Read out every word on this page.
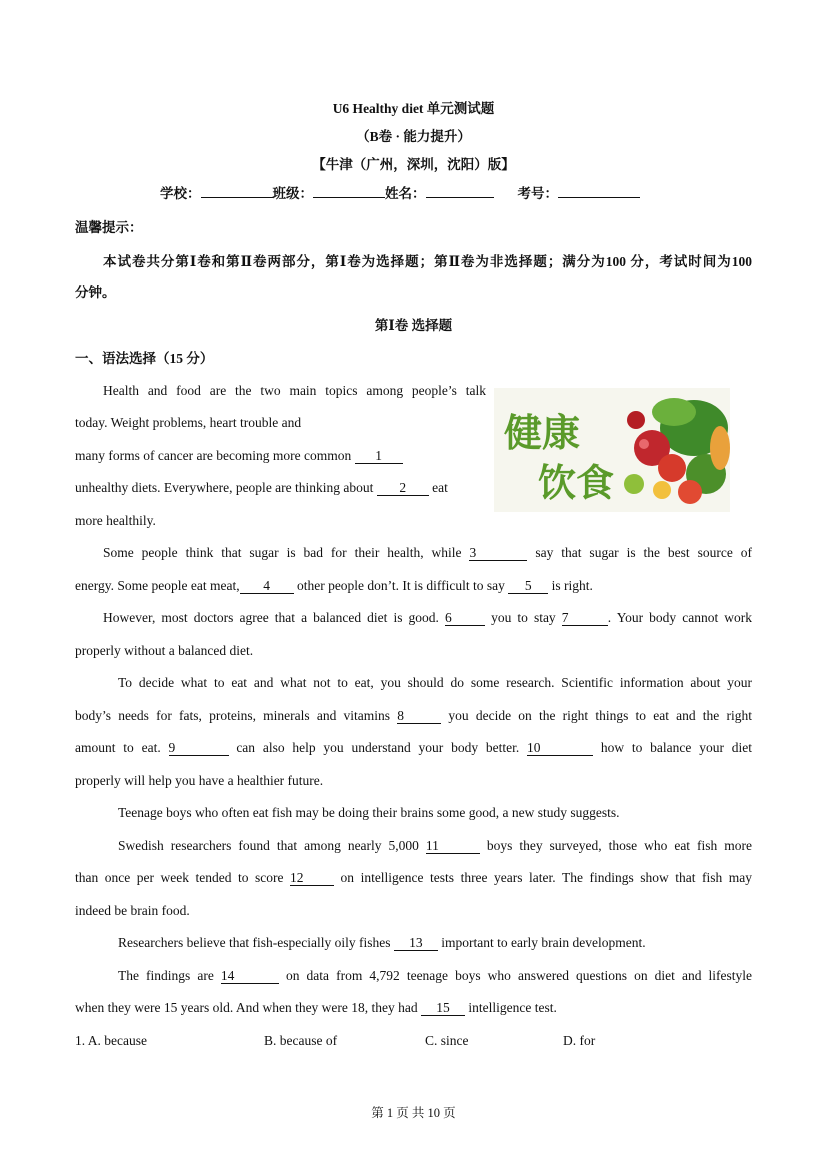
U6 Healthy diet 单元测试题
（B卷 · 能力提升）
【牛津（广州，深圳，沈阳）版】
学校：	班级：	姓名：	考号：
温馨提示：
本试卷共分第Ⅰ卷和第Ⅱ卷两部分，第Ⅰ卷为选择题；第Ⅱ卷为非选择题；满分为100 分，考试时间为100
分钟。
第Ⅰ卷 选择题
一、语法选择（15 分）
健康
饮食
Health and food are the two main topics among people’s talk
today. Weight problems, heart trouble and
many forms of cancer are becoming more common 1
unhealthy diets. Everywhere, people are thinking about 2 eat
more healthily.
Some people think that sugar is bad for their health, while 3	say that sugar is the best source of
energy. Some people eat meat, 4 other people don’t. It is difficult to say 5 is right.
However, most doctors agree that a balanced diet is good. 6 you to stay 7	. Your body cannot work
properly without a balanced diet.
To decide what to eat and what not to eat, you should do some research. Scientific information about your
body’s needs for fats, proteins, minerals and vitamins 8	you decide on the right things to eat and the right
amount to eat. 9	can also help you understand your body better. 10	how to balance your diet
properly will help you have a healthier future.
Teenage boys who often eat fish may be doing their brains some good, a new study suggests.
Swedish researchers found that among nearly 5,000 11	boys they surveyed, those who eat fish more
than once per week tended to score 12 on intelligence tests three years later. The findings show that fish may
indeed be brain food.
Researchers believe that fish-especially oily fishes 13 important to early brain development.
The findings are 14	on data from 4,792 teenage boys who answered questions on diet and lifestyle
when they were 15 years old. And when they were 18, they had 15 intelligence test.
1. A. because	B. because of	C. since	D. for
第 1 页 共 10 页
